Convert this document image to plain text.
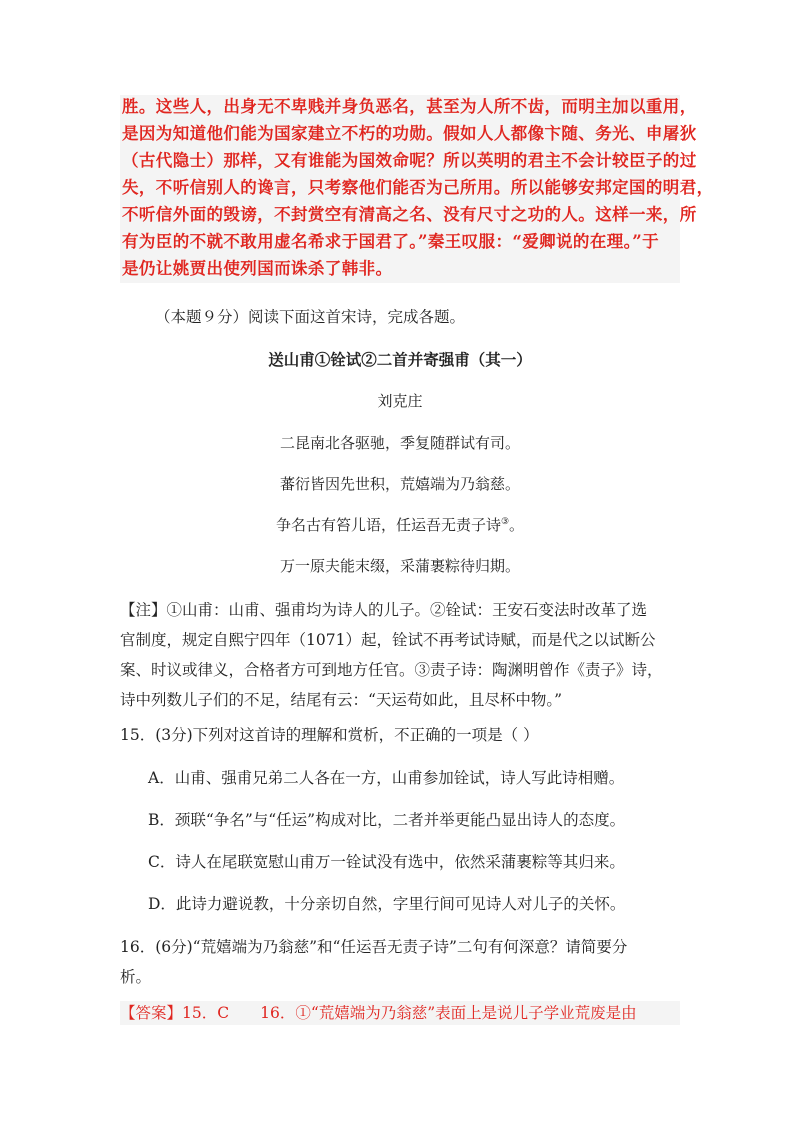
胜。这些人，出身无不卑贱并身负恶名，甚至为人所不齿，而明主加以重用，
是因为知道他们能为国家建立不朽的功勋。假如人人都像卞随、务光、申屠狄
（古代隐士）那样，又有谁能为国效命呢？所以英明的君主不会计较臣子的过
失，不听信别人的谗言，只考察他们能否为己所用。所以能够安邦定国的明君，
不听信外面的毁谤，不封赏空有清高之名、没有尺寸之功的人。这样一来，所
有为臣的不就不敢用虚名希求于国君了。”秦王叹服：“爱卿说的在理。”于
是仍让姚贾出使列国而诛杀了韩非。
（本题９分）阅读下面这首宋诗，完成各题。
送山甫①铨试②二首并寄强甫（其一）
刘克庄
二昆南北各驱驰，季复随群试有司。
蕃衍皆因先世积，荒嬉端为乃翁慈。
争名古有笞儿语，任运吾无责子诗③。
万一原夫能末缀，采蒲裹粽待归期。
【注】①山甫：山甫、强甫均为诗人的儿子。②铨试：王安石变法时改革了选
官制度，规定自熙宁四年（1071）起，铨试不再考试诗赋，而是代之以试断公
案、时议或律义，合格者方可到地方任官。③责子诗：陶渊明曾作《责子》诗，
诗中列数儿子们的不足，结尾有云：“天运苟如此，且尽杯中物。”
15．(3分)下列对这首诗的理解和赏析，不正确的一项是（ ）
A．山甫、强甫兄弟二人各在一方，山甫参加铨试，诗人写此诗相赠。
B．颈联“争名”与“任运”构成对比，二者并举更能凸显出诗人的态度。
C．诗人在尾联宽慰山甫万一铨试没有选中，依然采蒲裹粽等其归来。
D．此诗力避说教，十分亲切自然，字里行间可见诗人对儿子的关怀。
16．(6分)“荒嬉端为乃翁慈”和“任运吾无责子诗”二句有何深意？请简要分
析。
【答案】15．C　　16．①“荒嬉端为乃翁慈”表面上是说儿子学业荒废是由
